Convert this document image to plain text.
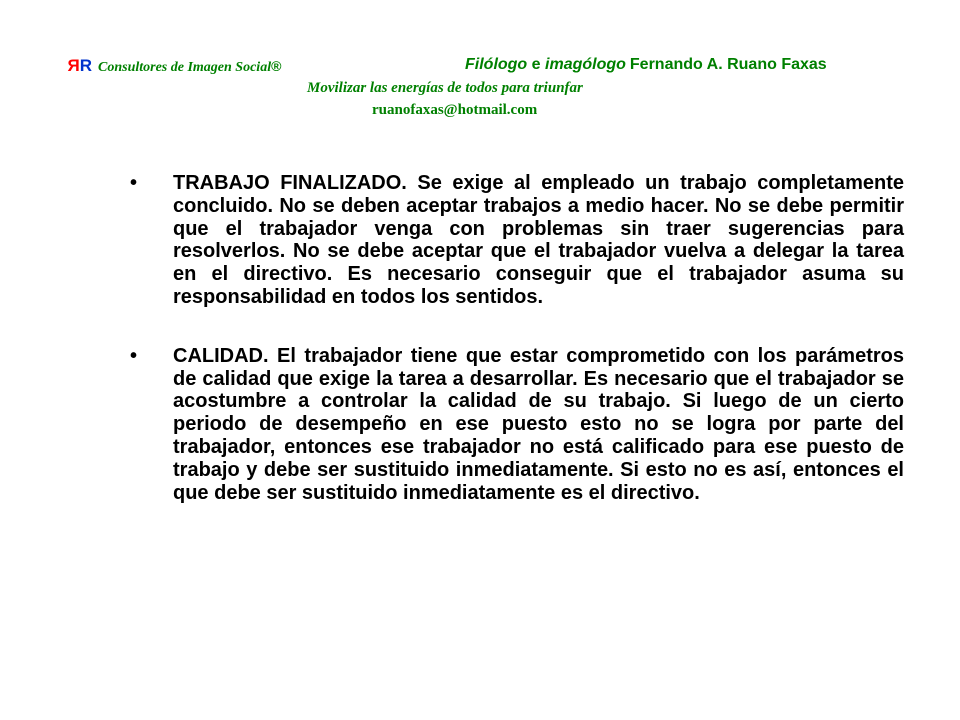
RR Consultores de Imagen Social®	Filólogo e imagólogo Fernando A. Ruano Faxas
Movilizar las energías de todos para triunfar
ruanofaxas@hotmail.com
• TRABAJO FINALIZADO. Se exige al empleado un trabajo completamente concluido. No se deben aceptar trabajos a medio hacer. No se debe permitir que el trabajador venga con problemas sin traer sugerencias para resolverlos. No se debe aceptar que el trabajador vuelva a delegar la tarea en el directivo. Es necesario conseguir que el trabajador asuma su responsabilidad en todos los sentidos.

• CALIDAD. El trabajador tiene que estar comprometido con los parámetros de calidad que exige la tarea a desarrollar. Es necesario que el trabajador se acostumbre a controlar la calidad de su trabajo. Si luego de un cierto periodo de desempeño en ese puesto esto no se logra por parte del trabajador, entonces ese trabajador no está calificado para ese puesto de trabajo y debe ser sustituido inmediatamente. Si esto no es así, entonces el que debe ser sustituido inmediatamente es el directivo.
